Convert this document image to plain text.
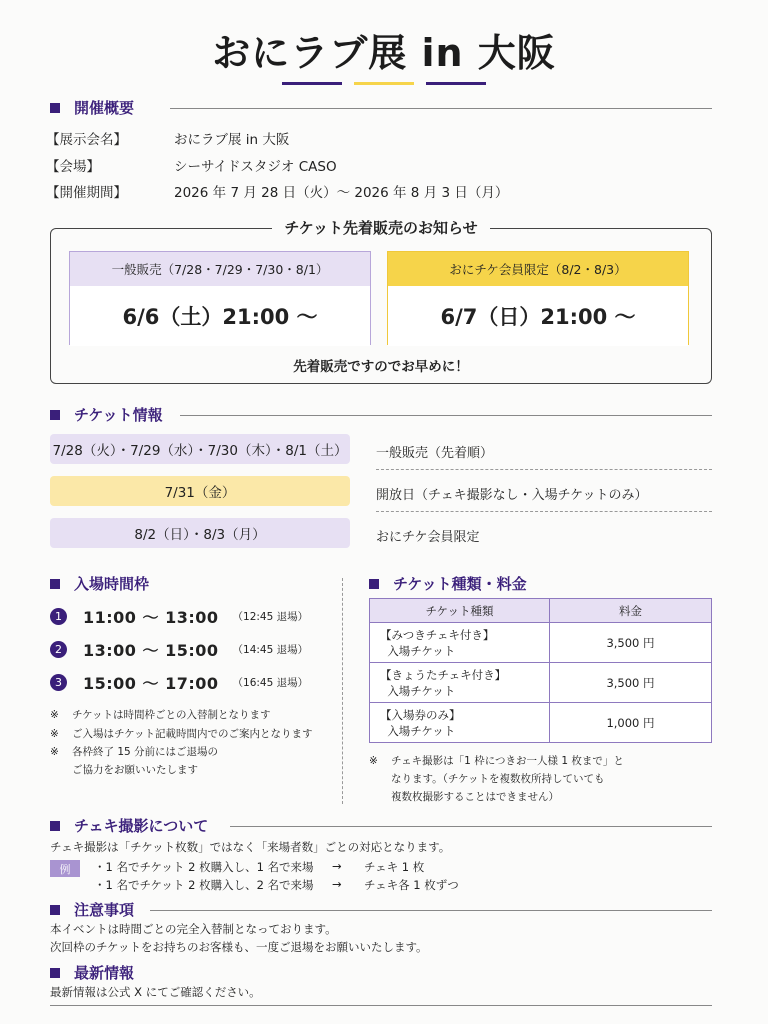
おにラブ展 in 大阪
開催概要
【展示会名】	おにラブ展 in 大阪
【会場】	シーサイドスタジオ CASO
【開催期間】	2026 年 7 月 28 日（火）～ 2026 年 8 月 3 日（月）
チケット先着販売のお知らせ
一般販売（7/28・7/29・7/30・8/1）
6/6（土）21:00 ～
おにチケ会員限定（8/2・8/3）
6/7（日）21:00 ～
先着販売ですのでお早めに！
チケット情報
7/28（火）・7/29（水）・7/30（木）・8/1（土） 一般販売（先着順）
7/31（金）	開放日（チェキ撮影なし・入場チケットのみ）
8/2（日）・8/3（月）	おにチケ会員限定
入場時間枠
1	11:00 ～ 13:00 （12:45 退場）
2	13:00 ～ 15:00 （14:45 退場）
3	15:00 ～ 17:00 （16:45 退場）
※	チケットは時間枠ごとの入替制となります
※	ご入場はチケット記載時間内でのご案内となります
※	各枠終了 15 分前にはご退場の
ご協力をお願いいたします
チケット種類・料金
チケット種類	料金
【みつきチェキ付き】
入場チケット	3,500 円
【きょうたチェキ付き】
入場チケット	3,500 円
【入場券のみ】
入場チケット	1,000 円
※	チェキ撮影は「1 枠につきお一人様 1 枚まで」と
なります。（チケットを複数枚所持していても
複数枚撮影することはできません）
チェキ撮影について
チェキ撮影は「チケット枚数」ではなく「来場者数」ごとの対応となります。
例	・1 名でチケット 2 枚購入し、1 名で来場	→	チェキ 1 枚
・1 名でチケット 2 枚購入し、2 名で来場	→	チェキ各 1 枚ずつ
注意事項
本イベントは時間ごとの完全入替制となっております。
次回枠のチケットをお持ちのお客様も、一度ご退場をお願いいたします。
最新情報
最新情報は公式 X にてご確認ください。
